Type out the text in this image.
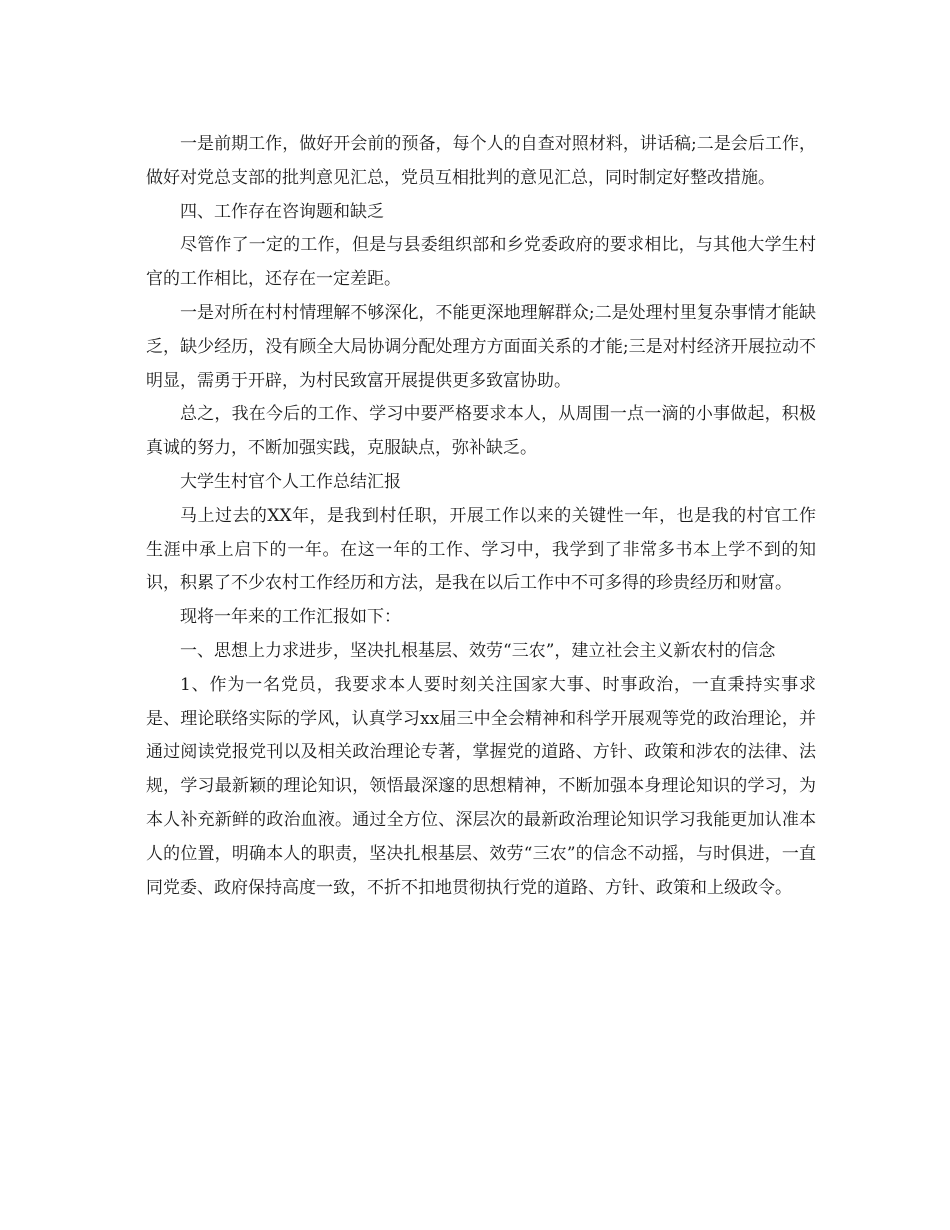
一是前期工作，做好开会前的预备，每个人的自查对照材料，讲话稿;二是会后工作，做好对党总支部的批判意见汇总，党员互相批判的意见汇总，同时制定好整改措施。

四、工作存在咨询题和缺乏

尽管作了一定的工作，但是与县委组织部和乡党委政府的要求相比，与其他大学生村官的工作相比，还存在一定差距。

一是对所在村村情理解不够深化，不能更深地理解群众;二是处理村里复杂事情才能缺乏，缺少经历，没有顾全大局协调分配处理方方面面关系的才能;三是对村经济开展拉动不明显，需勇于开辟，为村民致富开展提供更多致富协助。

总之，我在今后的工作、学习中要严格要求本人，从周围一点一滴的小事做起，积极真诚的努力，不断加强实践，克服缺点，弥补缺乏。

大学生村官个人工作总结汇报

马上过去的XX年，是我到村任职，开展工作以来的关键性一年，也是我的村官工作生涯中承上启下的一年。在这一年的工作、学习中，我学到了非常多书本上学不到的知识，积累了不少农村工作经历和方法，是我在以后工作中不可多得的珍贵经历和财富。

现将一年来的工作汇报如下：

一、思想上力求进步，坚决扎根基层、效劳“三农”，建立社会主义新农村的信念

1、作为一名党员，我要求本人要时刻关注国家大事、时事政治，一直秉持实事求是、理论联络实际的学风，认真学习xx届三中全会精神和科学开展观等党的政治理论，并通过阅读党报党刊以及相关政治理论专著，掌握党的道路、方针、政策和涉农的法律、法规，学习最新颖的理论知识，领悟最深邃的思想精神，不断加强本身理论知识的学习，为本人补充新鲜的政治血液。通过全方位、深层次的最新政治理论知识学习我能更加认准本人的位置，明确本人的职责，坚决扎根基层、效劳“三农”的信念不动摇，与时俱进，一直同党委、政府保持高度一致，不折不扣地贯彻执行党的道路、方针、政策和上级政令。
